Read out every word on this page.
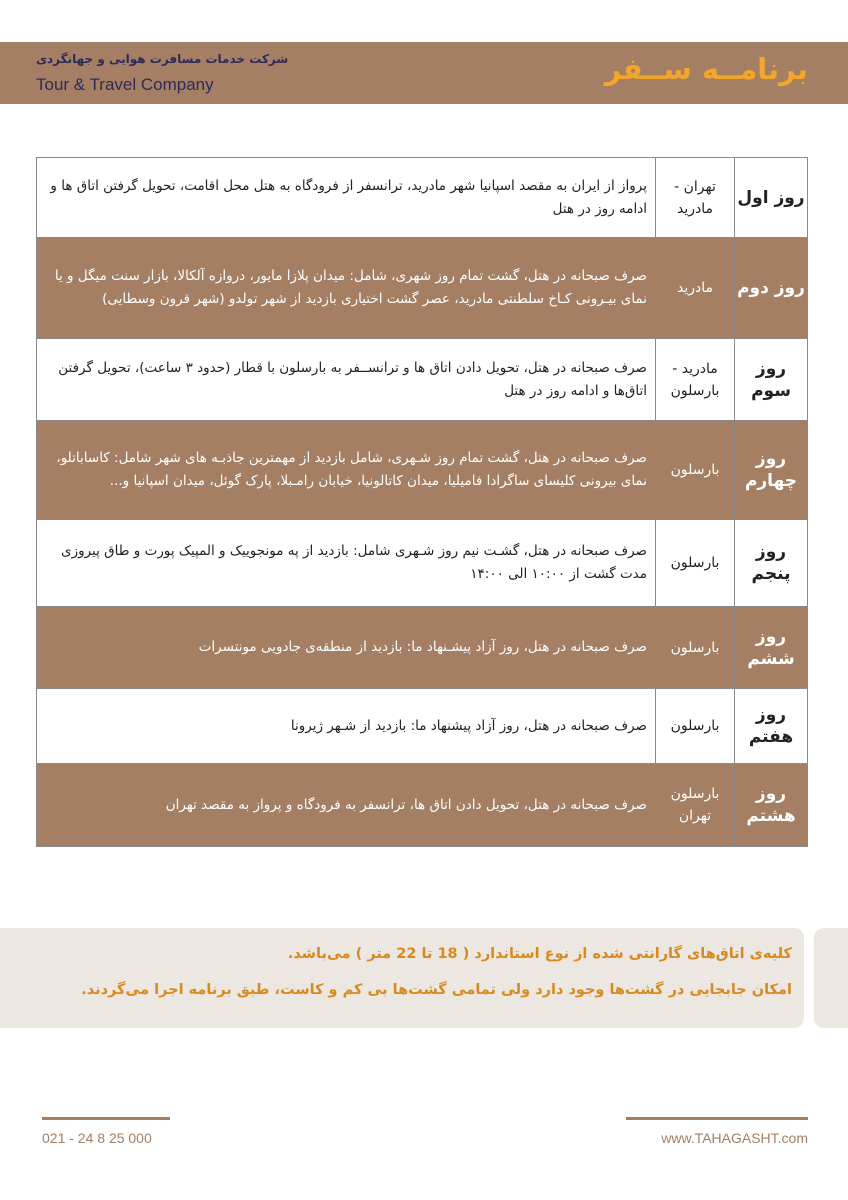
شرکت خدمات مسافرت هوایی و جهانگردی
Tour & Travel Company	برنامــه ســفر
روز اول	تهران - مادرید	پرواز از ایران به مقصد اسپانیا شهر مادرید، ترانسفر از فرودگاه به هتل محل اقامت، تحویل گرفتن اتاق ها و ادامه روز در هتل
روز دوم	مادرید	صرف صبحانه در هتل، گشت تمام روز شهری، شامل: میدان پلازا مایور، دروازه آلکالا، بازار سنت میگل و یا نمای بیـرونی کـاخ سلطنتی مادرید، عصر گشت اختیاری بازدید از شهر تولدو (شهر قرون وسطایی)
روز سوم	مادرید - بارسلون	صرف صبحانه در هتل، تحویل دادن اتاق ها و ترانســفر به بارسلون با قطار (حدود ۳ ساعت)، تحویل گرفتن اتاق‌ها و ادامه روز در هتل
روز چهارم	بارسلون	صرف صبحانه در هتل، گشت تمام روز شـهری، شامل بازدید از مهمترین جاذبـه های شهر شامل: کاساباتلو، نمای بیرونی کلیسای ساگرادا فامیلیا، میدان کاتالونیا، خیابان رامـبلا، پارک گوئل، میدان اسپانیا و...
روز پنجم	بارسلون	صرف صبحانه در هتل، گشـت نیم روز شـهری شامل: بازدید از په مونجوییک و المپیک پورت و طاق پیروزی
مدت گشت از ۱۰:۰۰ الی ۱۴:۰۰

روز ششم	بارسلون	صرف صبحانه در هتل، روز آزاد پیشـنهاد ما: بازدید از منطقه‌ی جادویی مونتسرات
روز هفتم	بارسلون	صرف صبحانه در هتل، روز آزاد پیشنهاد ما: بازدید از شـهر ژیرونا
روز هشتم	بارسلون تهران	صرف صبحانه در هتل، تحویل دادن اتاق ها، ترانسفر به فرودگاه و پرواز به مقصد تهران
کلیه‌ی اتاق‌های گارانتی شده از نوع استاندارد ( 18 تا 22 متر ) می‌باشد.
امکان جابجایی در گشت‌ها وجود دارد ولی تمامی گشت‌ها بی کم و کاست، طبق برنامه اجرا می‌گردند.
021 - 24 8 25 000	www.TAHAGASHT.com
